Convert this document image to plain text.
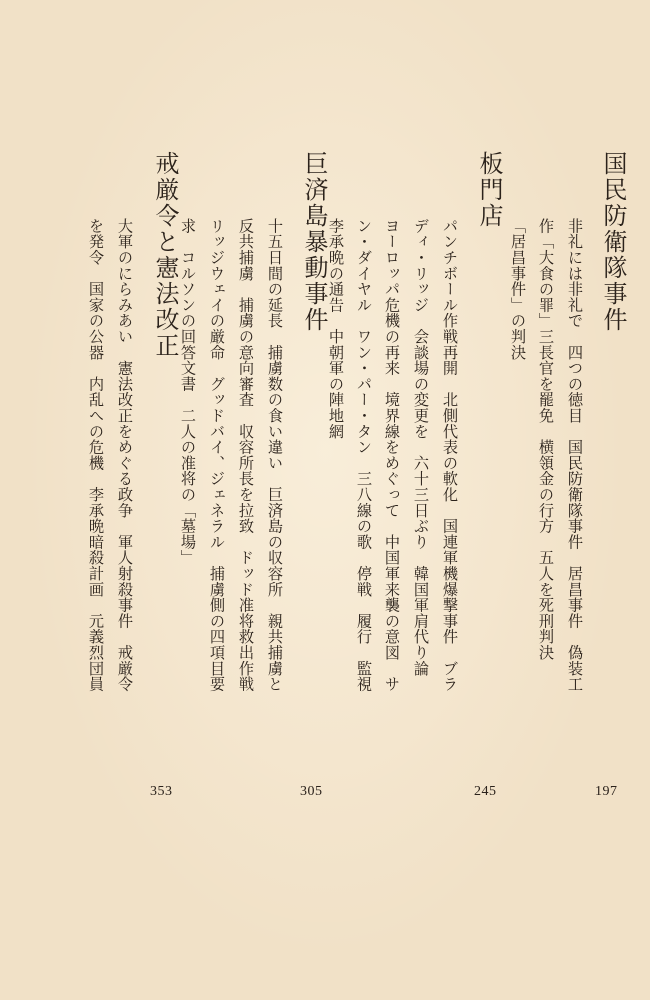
国民防衛隊事件
非礼には非礼で　四つの徳目　国民防衛隊事件　居昌事件　偽装工
作「大食の罪」三長官を罷免　横領金の行方　五人を死刑判決
「居昌事件」の判決
197
板門店
パンチボール作戦再開　北側代表の軟化　国連軍機爆撃事件　ブラ
ディ・リッジ　会談場の変更を　六十三日ぶり　韓国軍肩代り論
ヨーロッパ危機の再来　境界線をめぐって　中国軍来襲の意図　サ
ン・ダイヤル　ワン・パー・タン　三八線の歌　停戦　履行　監視
李承晩の通告　中朝軍の陣地網
245
巨済島暴動事件
十五日間の延長　捕虜数の食い違い　巨済島の収容所　親共捕虜と
反共捕虜　捕虜の意向審査　収容所長を拉致　ドッド准将救出作戦
リッジウェイの厳命　グッドバイ、ジェネラル　捕虜側の四項目要
求　コルソンの回答文書　二人の准将の「墓場」
305
戒厳令と憲法改正
大軍のにらみあい　憲法改正をめぐる政争　軍人射殺事件　戒厳令
を発令　国家の公器　内乱への危機　李承晩暗殺計画　元義烈団員
353
